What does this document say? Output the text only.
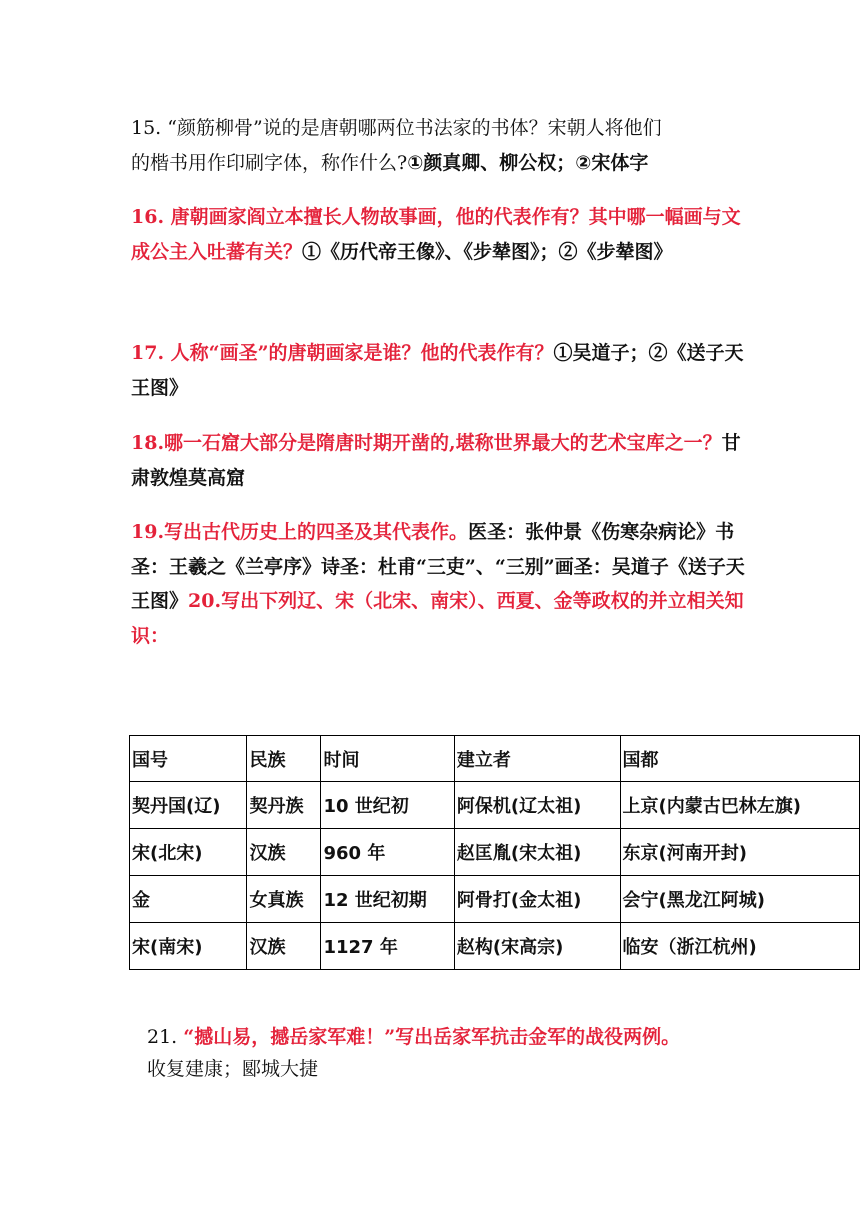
15. “颜筋柳骨”说的是唐朝哪两位书法家的书体？宋朝人将他们
的楷书用作印刷字体，称作什么?①颜真卿、柳公权；②宋体字
16. 唐朝画家阎立本擅长人物故事画，他的代表作有？其中哪一幅画与文成公主入吐蕃有关？①《历代帝王像》、《步辇图》；②《步辇图》
17. 人称“画圣”的唐朝画家是谁？他的代表作有？①吴道子；②《送子天王图》
18.哪一石窟大部分是隋唐时期开凿的,堪称世界最大的艺术宝库之一？甘肃敦煌莫高窟
19.写出古代历史上的四圣及其代表作。医圣：张仲景《伤寒杂病论》书圣：王羲之《兰亭序》诗圣：杜甫“三吏”、“三别”画圣：吴道子《送子天王图》20.写出下列辽、宋（北宋、南宋）、西夏、金等政权的并立相关知识：
国号	民族	时间	建立者	国都
契丹国(辽)	契丹族	10 世纪初	阿保机(辽太祖)	上京(内蒙古巴林左旗)
宋(北宋)	汉族	960 年	赵匡胤(宋太祖)	东京(河南开封)
金	女真族	12 世纪初期	阿骨打(金太祖)	会宁(黑龙江阿城)
宋(南宋)	汉族	1127 年	赵构(宋高宗)	临安（浙江杭州)
21. “撼山易，撼岳家军难！”写出岳家军抗击金军的战役两例。
收复建康；郾城大捷
